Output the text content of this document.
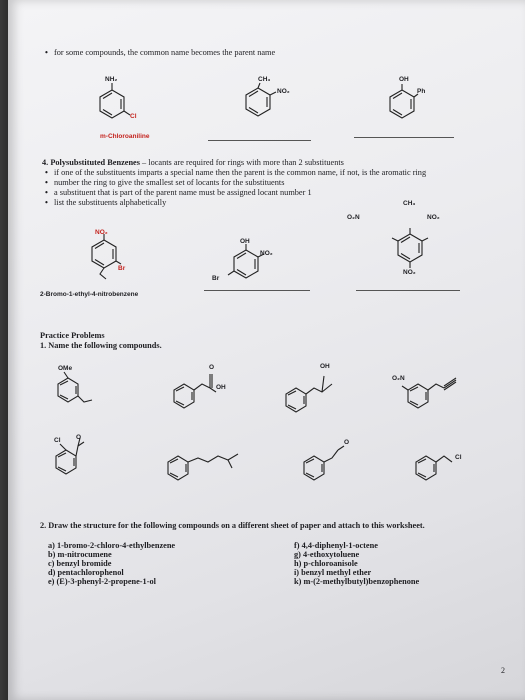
• for some compounds, the common name becomes the parent name
NH₂
Cl
m-Chloroaniline
CH₃
NO₂
OH
Ph
4. Polysubstituted Benzenes – locants are required for rings with more than 2 substituents
• if one of the substituents imparts a special name then the parent is the common name, if not, is the aromatic ring
• number the ring to give the smallest set of locants for the substituents
• a substituent that is part of the parent name must be assigned locant number 1
• list the substituents alphabetically
NO₂
Br
2-Bromo-1-ethyl-4-nitrobenzene
OH
NO₂
Br
CH₃
O₂N	NO₂
NO₂
Practice Problems
1. Name the following compounds.
OMe	O
OH
OH
O₂N
Cl O
O
Cl
2. Draw the structure for the following compounds on a different sheet of paper and attach to this worksheet.
a) 1-bromo-2-chloro-4-ethylbenzene
b) m-nitrocumene
c) benzyl bromide
d) pentachlorophenol
e) (E)-3-phenyl-2-propene-1-ol
f) 4,4-diphenyl-1-octene
g) 4-ethoxytoluene
h) p-chloroanisole
i) benzyl methyl ether
k) m-(2-methylbutyl)benzophenone
2
